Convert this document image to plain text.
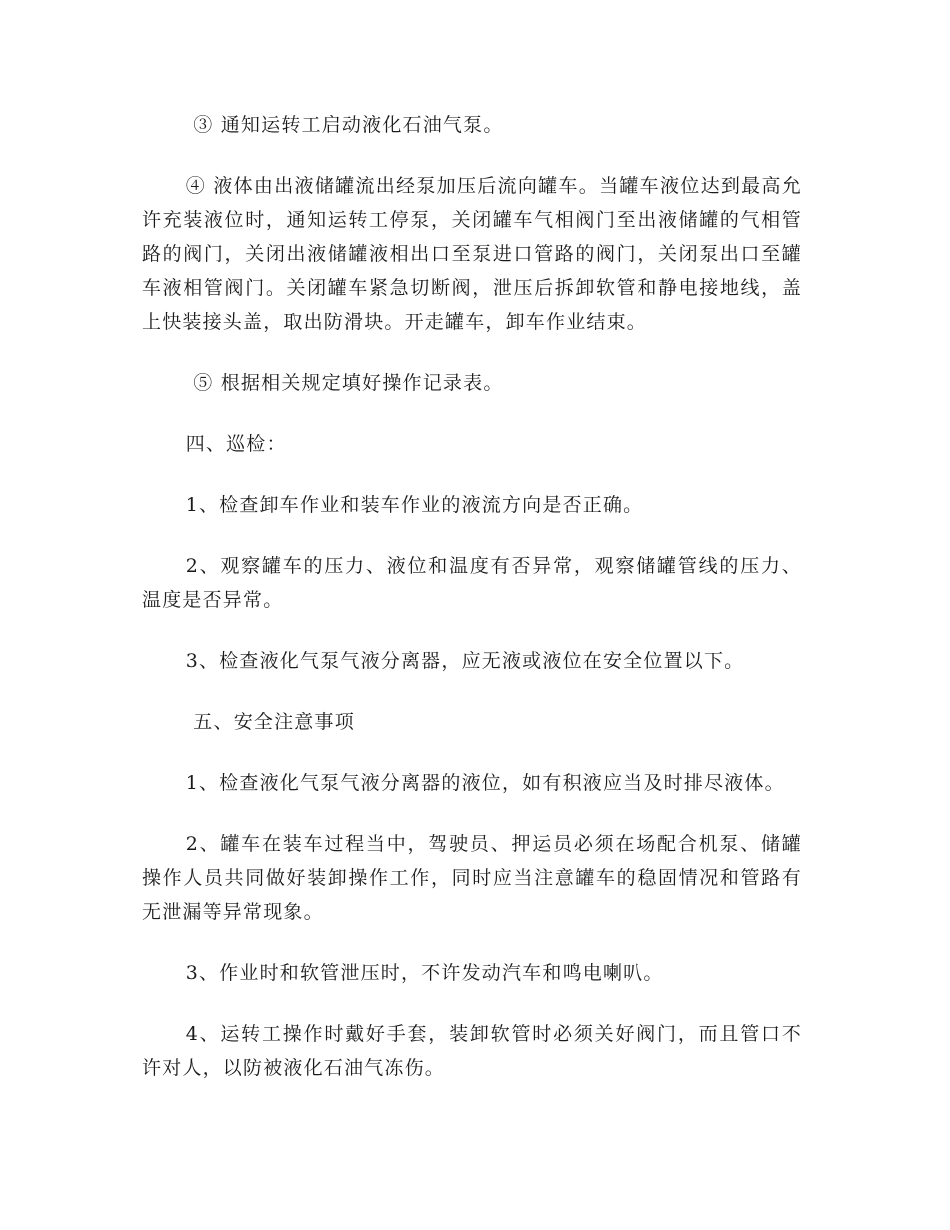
③ 通知运转工启动液化石油气泵。

④ 液体由出液储罐流出经泵加压后流向罐车。当罐车液位达到最高允许充装液位时，通知运转工停泵，关闭罐车气相阀门至出液储罐的气相管路的阀门，关闭出液储罐液相出口至泵进口管路的阀门，关闭泵出口至罐车液相管阀门。关闭罐车紧急切断阀，泄压后拆卸软管和静电接地线，盖上快装接头盖，取出防滑块。开走罐车，卸车作业结束。

⑤ 根据相关规定填好操作记录表。

四、巡检：

1、检查卸车作业和装车作业的液流方向是否正确。

2、观察罐车的压力、液位和温度有否异常，观察储罐管线的压力、温度是否异常。

3、检查液化气泵气液分离器，应无液或液位在安全位置以下。

五、安全注意事项

1、检查液化气泵气液分离器的液位，如有积液应当及时排尽液体。

2、罐车在装车过程当中，驾驶员、押运员必须在场配合机泵、储罐操作人员共同做好装卸操作工作，同时应当注意罐车的稳固情况和管路有无泄漏等异常现象。

3、作业时和软管泄压时，不许发动汽车和鸣电喇叭。

4、运转工操作时戴好手套，装卸软管时必须关好阀门，而且管口不许对人，以防被液化石油气冻伤。
